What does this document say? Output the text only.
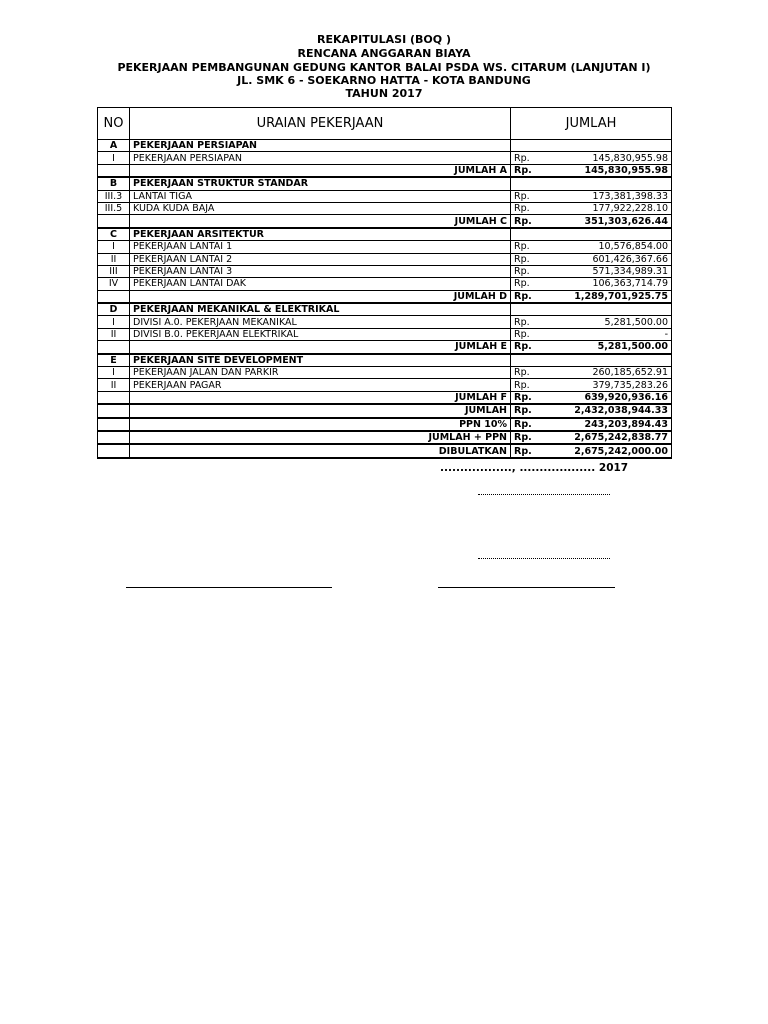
REKAPITULASI (BOQ )
RENCANA ANGGARAN BIAYA
PEKERJAAN PEMBANGUNAN GEDUNG KANTOR BALAI PSDA WS. CITARUM (LANJUTAN I)
JL. SMK 6 - SOEKARNO HATTA - KOTA BANDUNG
TAHUN 2017
NO	URAIAN PEKERJAAN	JUMLAH	
A	PEKERJAAN PERSIAPAN		
I	PEKERJAAN PERSIAPAN	Rp.	145,830,955.98
	JUMLAH A	Rp.	145,830,955.98
B	PEKERJAAN STRUKTUR STANDAR		
III.3	LANTAI TIGA	Rp.	173,381,398.33
III.5	KUDA KUDA BAJA	Rp.	177,922,228.10
	JUMLAH C	Rp.	351,303,626.44
C	PEKERJAAN ARSITEKTUR		
I	PEKERJAAN LANTAI 1	Rp.	10,576,854.00
II	PEKERJAAN LANTAI 2	Rp.	601,426,367.66
III	PEKERJAAN LANTAI 3	Rp.	571,334,989.31
IV	PEKERJAAN LANTAI DAK	Rp.	106,363,714.79
	JUMLAH D	Rp.	1,289,701,925.75
D	PEKERJAAN MEKANIKAL & ELEKTRIKAL		
I	DIVISI A.0. PEKERJAAN MEKANIKAL	Rp.	5,281,500.00
II	DIVISI B.0. PEKERJAAN ELEKTRIKAL	Rp.	-
	JUMLAH E	Rp.	5,281,500.00
E	PEKERJAAN SITE DEVELOPMENT		
I	PEKERJAAN JALAN DAN PARKIR	Rp.	260,185,652.91
II	PEKERJAAN PAGAR	Rp.	379,735,283.26
	JUMLAH F	Rp.	639,920,936.16
	JUMLAH	Rp.	2,432,038,944.33
	PPN 10%	Rp.	243,203,894.43
	JUMLAH + PPN	Rp.	2,675,242,838.77
	DIBULATKAN	Rp.	2,675,242,000.00
.................., ................... 2017
